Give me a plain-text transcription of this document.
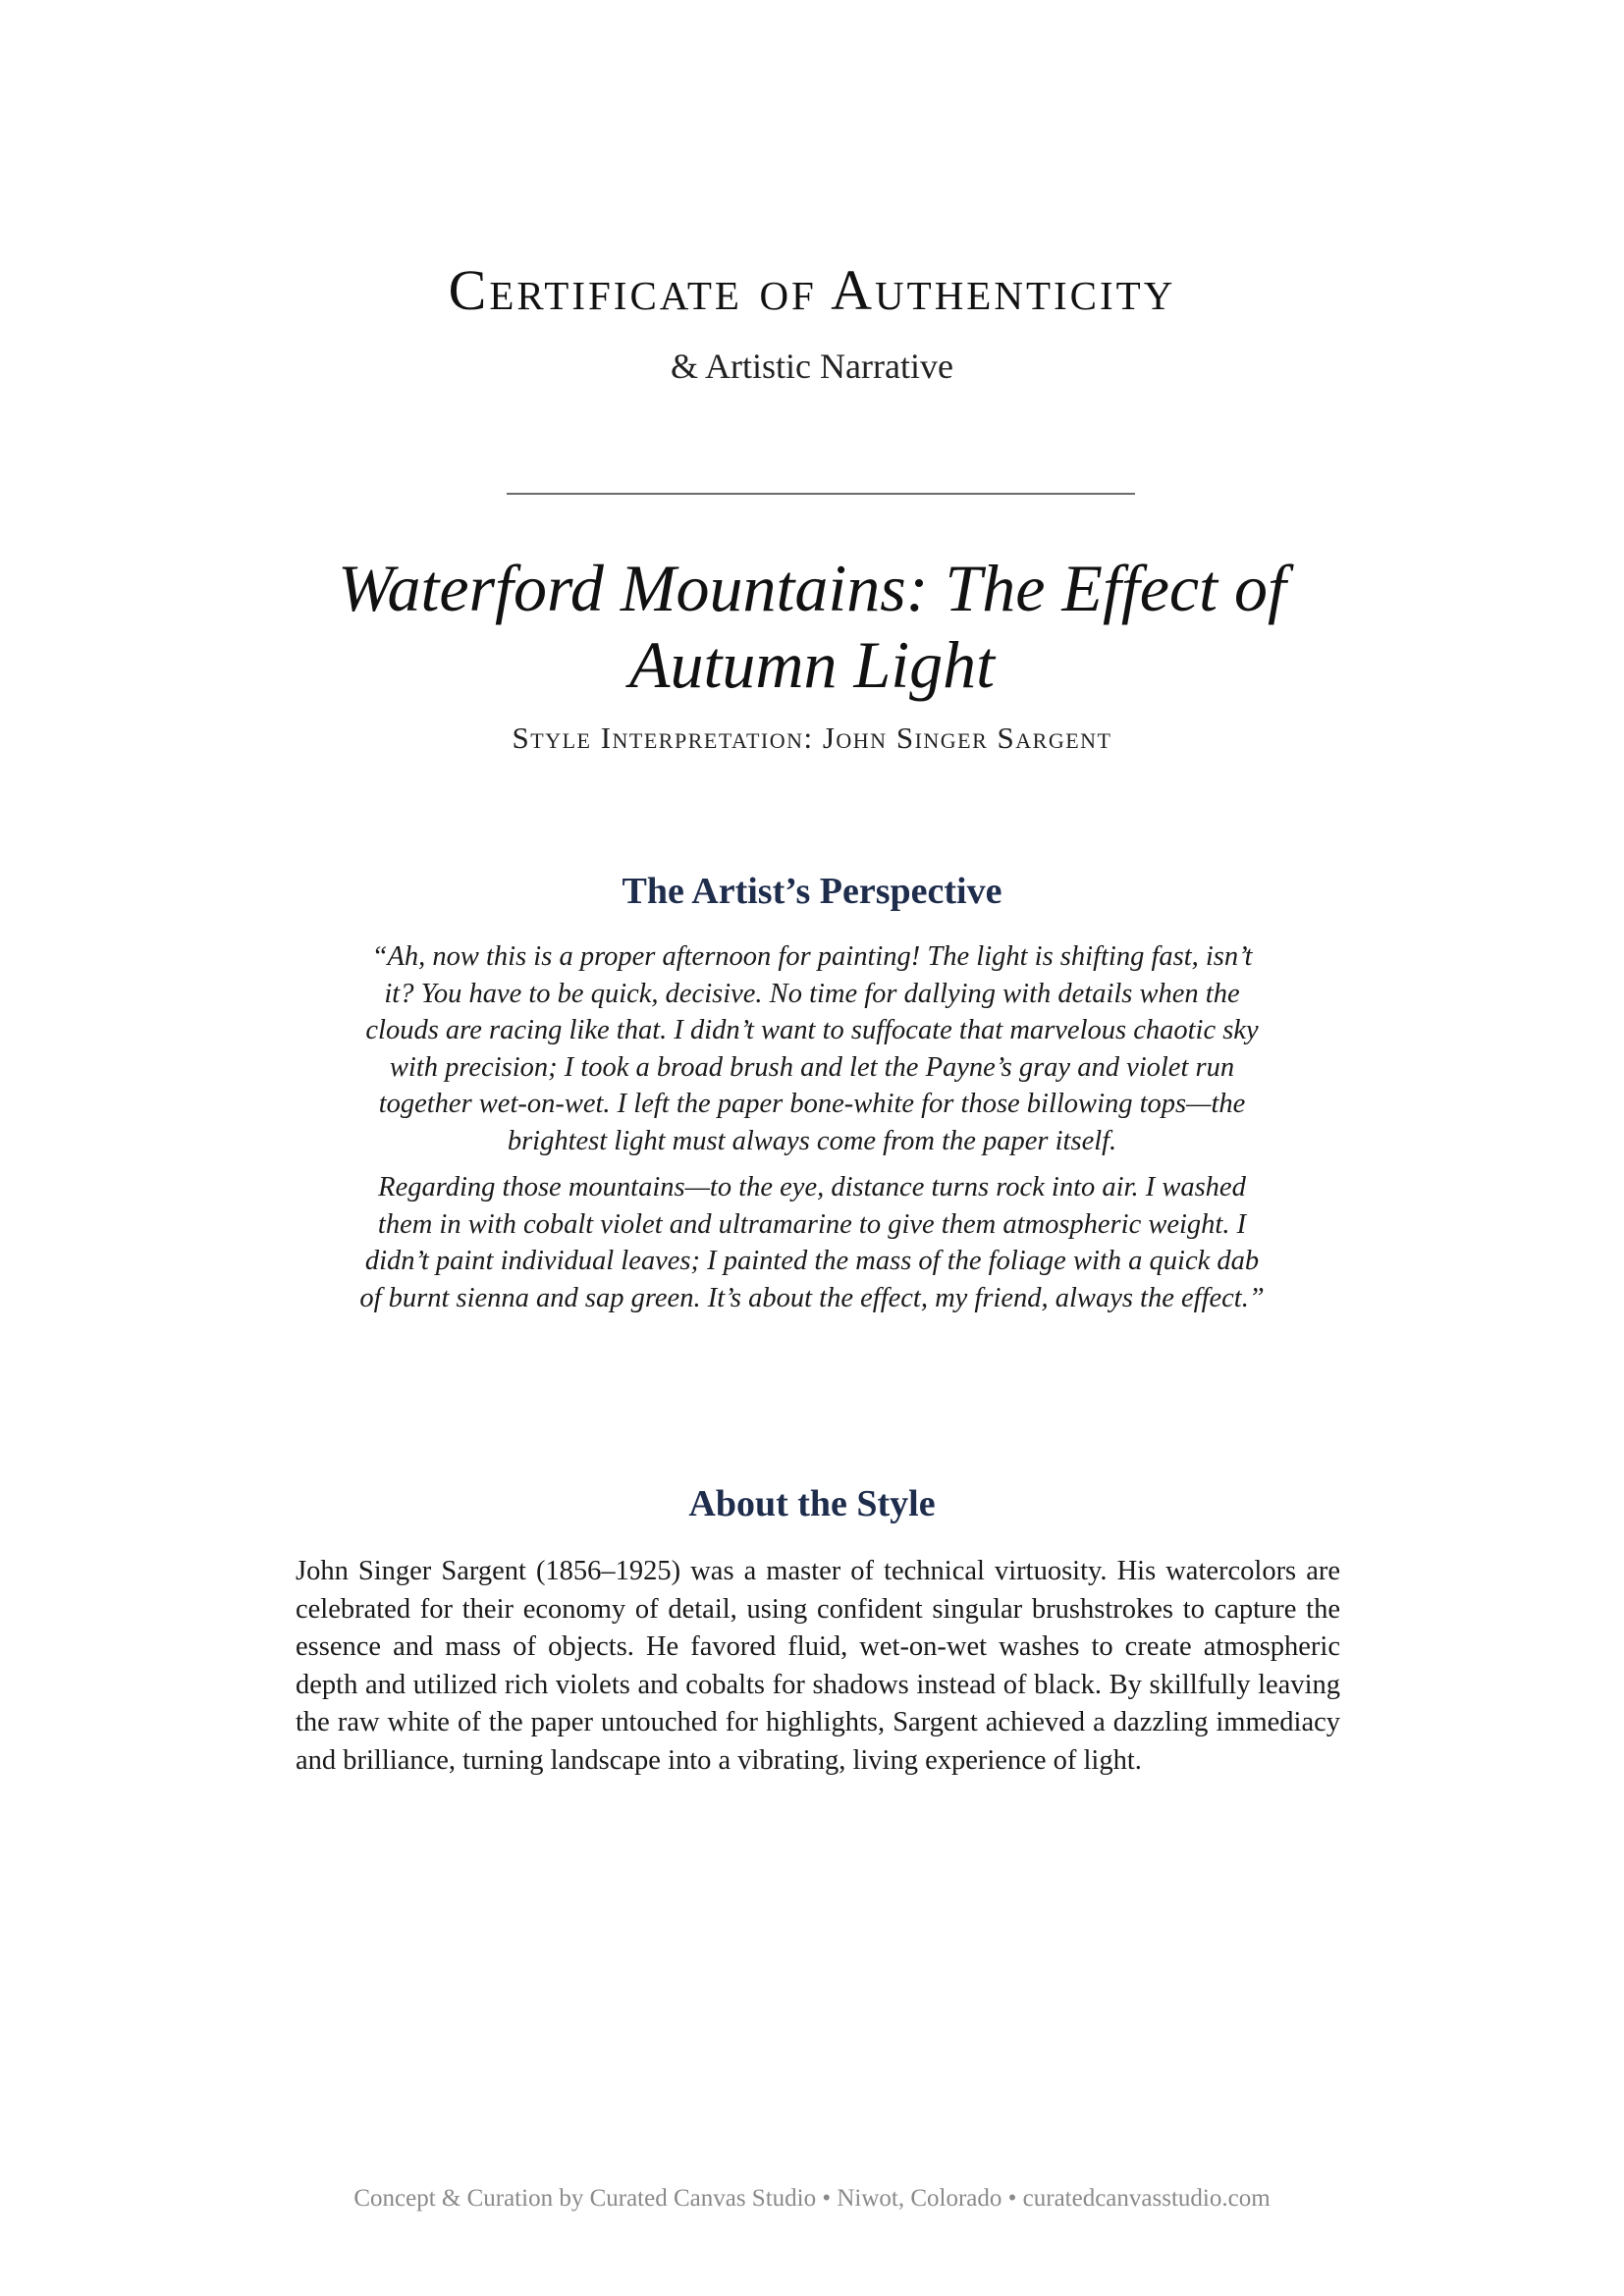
Certificate of Authenticity
& Artistic Narrative
Waterford Mountains: The Effect of Autumn Light
Style Interpretation: John Singer Sargent
The Artist’s Perspective

“Ah, now this is a proper afternoon for painting! The light is shifting fast, isn’t it? You have to be quick, decisive. No time for dallying with details when the clouds are racing like that. I didn’t want to suffocate that marvelous chaotic sky with precision; I took a broad brush and let the Payne’s gray and violet run together wet-on-wet. I left the paper bone-white for those billowing tops—the brightest light must always come from the paper itself.

Regarding those mountains—to the eye, distance turns rock into air. I washed them in with cobalt violet and ultramarine to give them atmospheric weight. I didn’t paint individual leaves; I painted the mass of the foliage with a quick dab of burnt sienna and sap green. It’s about the effect, my friend, always the effect.”

About the Style

John Singer Sargent (1856–1925) was a master of technical virtuosity. His watercolors are celebrated for their economy of detail, using confident singular brushstrokes to capture the essence and mass of objects. He favored fluid, wet-on-wet washes to create atmospheric depth and utilized rich violets and cobalts for shadows instead of black. By skillfully leaving the raw white of the paper untouched for highlights, Sargent achieved a dazzling immediacy and brilliance, turning landscape into a vibrating, living experience of light.

Concept & Curation by Curated Canvas Studio • Niwot, Colorado • curatedcanvasstudio.com
